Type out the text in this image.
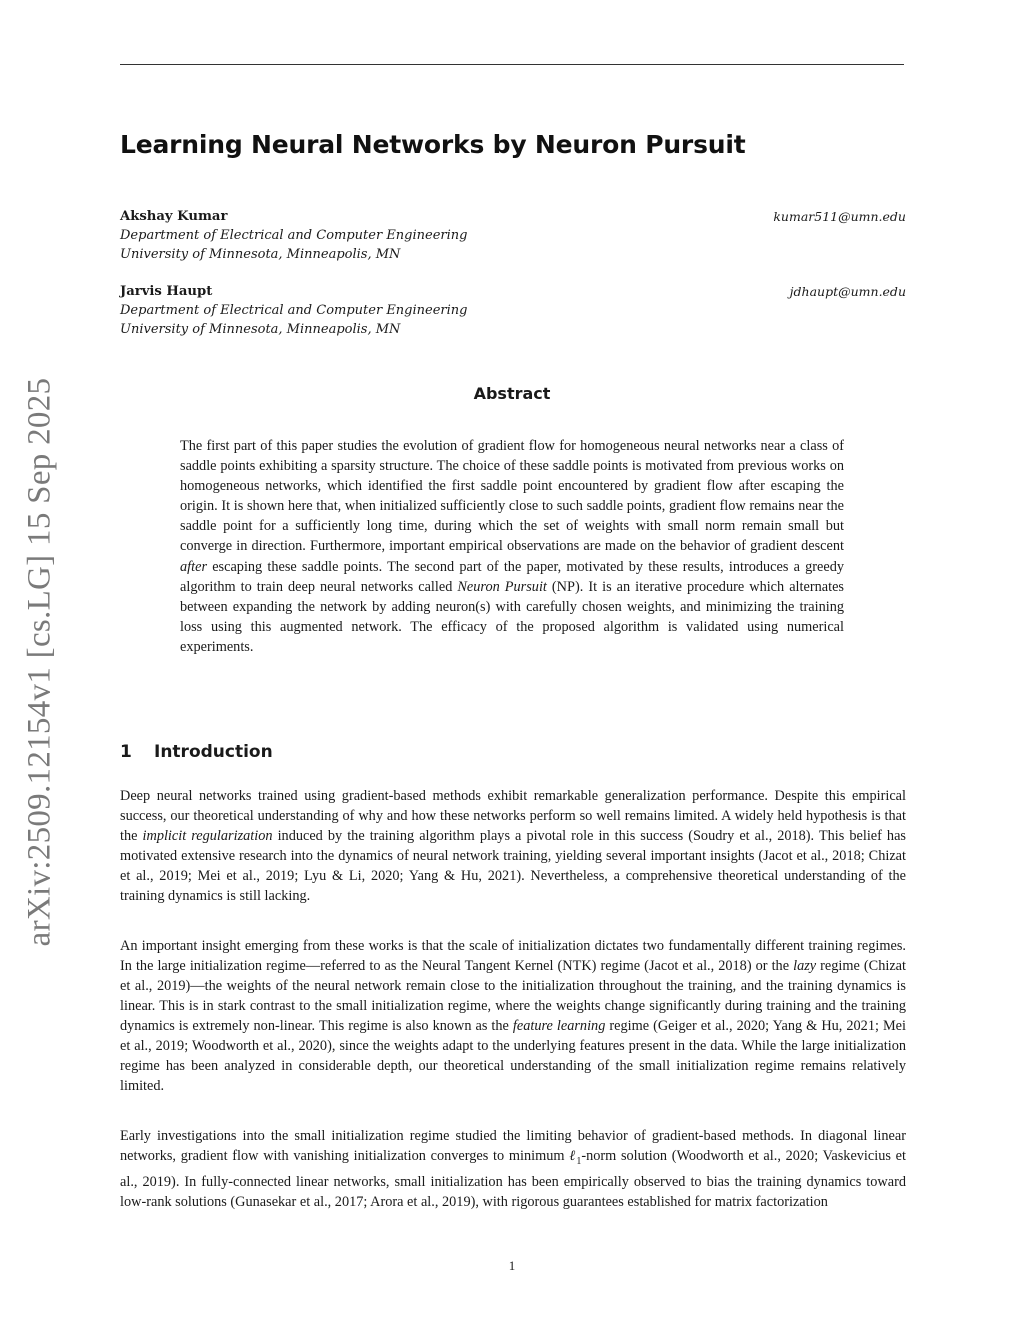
arXiv:2509.12154v1 [cs.LG] 15 Sep 2025
Learning Neural Networks by Neuron Pursuit
Akshay Kumar
Department of Electrical and Computer Engineering
University of Minnesota, Minneapolis, MN
kumar511@umn.edu
Jarvis Haupt
Department of Electrical and Computer Engineering
University of Minnesota, Minneapolis, MN
jdhaupt@umn.edu
Abstract
The first part of this paper studies the evolution of gradient flow for homogeneous neural networks near a class of saddle points exhibiting a sparsity structure. The choice of these saddle points is motivated from previous works on homogeneous networks, which identified the first saddle point encountered by gradient flow after escaping the origin. It is shown here that, when initialized sufficiently close to such saddle points, gradient flow remains near the saddle point for a sufficiently long time, during which the set of weights with small norm remain small but converge in direction. Furthermore, important empirical observations are made on the behavior of gradient descent after escaping these saddle points. The second part of the paper, motivated by these results, introduces a greedy algorithm to train deep neural networks called Neuron Pursuit (NP). It is an iterative procedure which alternates between expanding the network by adding neuron(s) with carefully chosen weights, and minimizing the training loss using this augmented network. The efficacy of the proposed algorithm is validated using numerical experiments.
1 Introduction

Deep neural networks trained using gradient-based methods exhibit remarkable generalization performance. Despite this empirical success, our theoretical understanding of why and how these networks perform so well remains limited. A widely held hypothesis is that the implicit regularization induced by the training algorithm plays a pivotal role in this success (Soudry et al., 2018). This belief has motivated extensive research into the dynamics of neural network training, yielding several important insights (Jacot et al., 2018; Chizat et al., 2019; Mei et al., 2019; Lyu & Li, 2020; Yang & Hu, 2021). Nevertheless, a comprehensive theoretical understanding of the training dynamics is still lacking.

An important insight emerging from these works is that the scale of initialization dictates two fundamentally different training regimes. In the large initialization regime—referred to as the Neural Tangent Kernel (NTK) regime (Jacot et al., 2018) or the lazy regime (Chizat et al., 2019)—the weights of the neural network remain close to the initialization throughout the training, and the training dynamics is linear. This is in stark contrast to the small initialization regime, where the weights change significantly during training and the training dynamics is extremely non-linear. This regime is also known as the feature learning regime (Geiger et al., 2020; Yang & Hu, 2021; Mei et al., 2019; Woodworth et al., 2020), since the weights adapt to the underlying features present in the data. While the large initialization regime has been analyzed in considerable depth, our theoretical understanding of the small initialization regime remains relatively limited.

Early investigations into the small initialization regime studied the limiting behavior of gradient-based methods. In diagonal linear networks, gradient flow with vanishing initialization converges to minimum ℓ$_1$-norm solution (Woodworth et al., 2020; Vaskevicius et al., 2019). In fully-connected linear networks, small initialization has been empirically observed to bias the training dynamics toward low-rank solutions (Gunasekar et al., 2017; Arora et al., 2019), with rigorous guarantees established for matrix factorization

1
